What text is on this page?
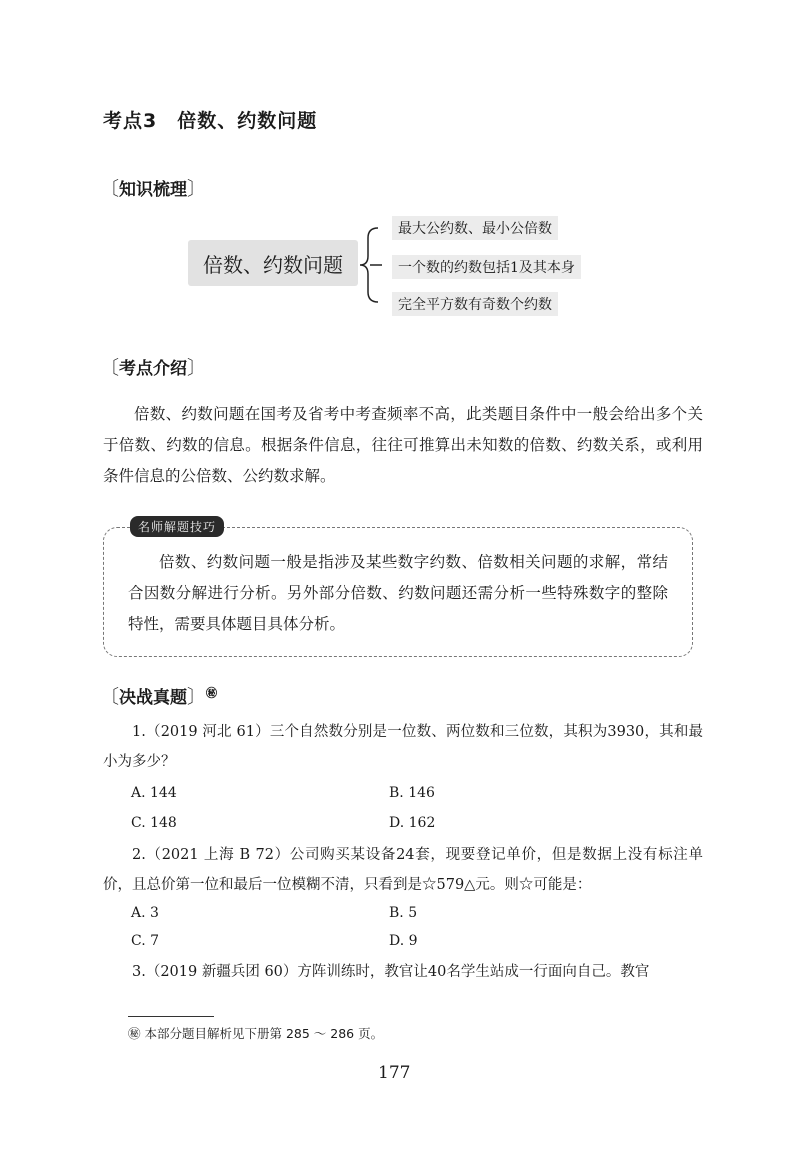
考点3　倍数、约数问题
〔知识梳理〕
倍数、约数问题
最大公约数、最小公倍数
一个数的约数包括1及其本身
完全平方数有奇数个约数
〔考点介绍〕

倍数、约数问题在国考及省考中考查频率不高，此类题目条件中一般会给出多个关于倍数、约数的信息。根据条件信息，往往可推算出未知数的倍数、约数关系，或利用条件信息的公倍数、公约数求解。

名师解题技巧

倍数、约数问题一般是指涉及某些数字约数、倍数相关问题的求解，常结合因数分解进行分析。另外部分倍数、约数问题还需分析一些特殊数字的整除特性，需要具体题目具体分析。

〔决战真题〕㊙

1.（2019 河北 61）三个自然数分别是一位数、两位数和三位数，其积为3930，其和最小为多少？

A. 144	B. 146
C. 148	D. 162

2.（2021 上海 B 72）公司购买某设备24套，现要登记单价，但是数据上没有标注单价，且总价第一位和最后一位模糊不清，只看到是☆579△元。则☆可能是：

A. 3	B. 5
C. 7	D. 9

3.（2019 新疆兵团 60）方阵训练时，教官让40名学生站成一行面向自己。教官

㊙ 本部分题目解析见下册第 285 ～ 286 页。
177
